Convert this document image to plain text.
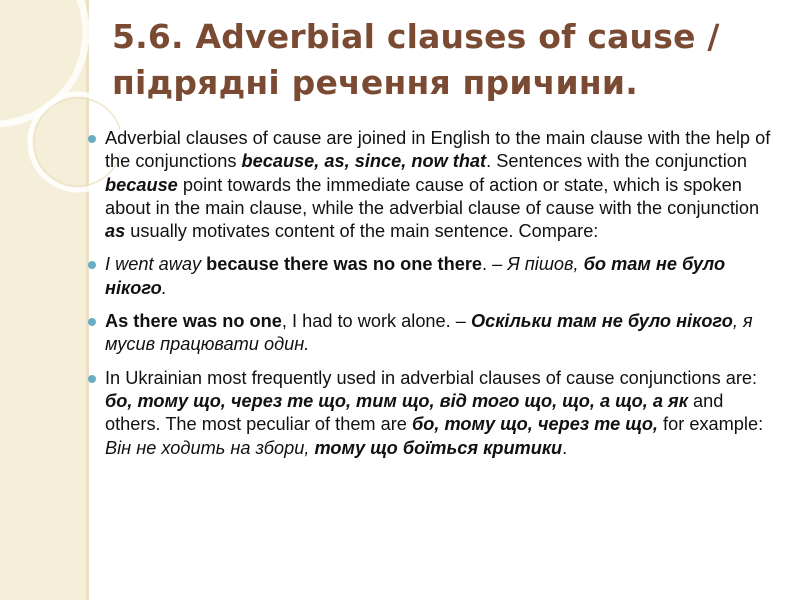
5.6. Adverbial clauses of cause /
підрядні речення причини.
Adverbial clauses of cause are joined in English to the main clause with the help of the conjunctions because, as, since, now that. Sentences with the conjunction because point towards the immediate cause of action or state, which is spoken about in the main clause, while the adverbial clause of cause with the conjunction as usually motivates content of the main sentence. Compare:
I went away because there was no one there. – Я пішов, бо там не було нікого.
As there was no one, I had to work alone. – Оскільки там не було нікого, я мусив працювати один.
In Ukrainian most frequently used in adverbial clauses of cause conjunctions are: бо, тому що, через те що, тим що, від того що, що, а що, а як and others. The most peculiar of them are бо, тому що, через те що, for example: Він не ходить на збори, тому що боїться критики.
